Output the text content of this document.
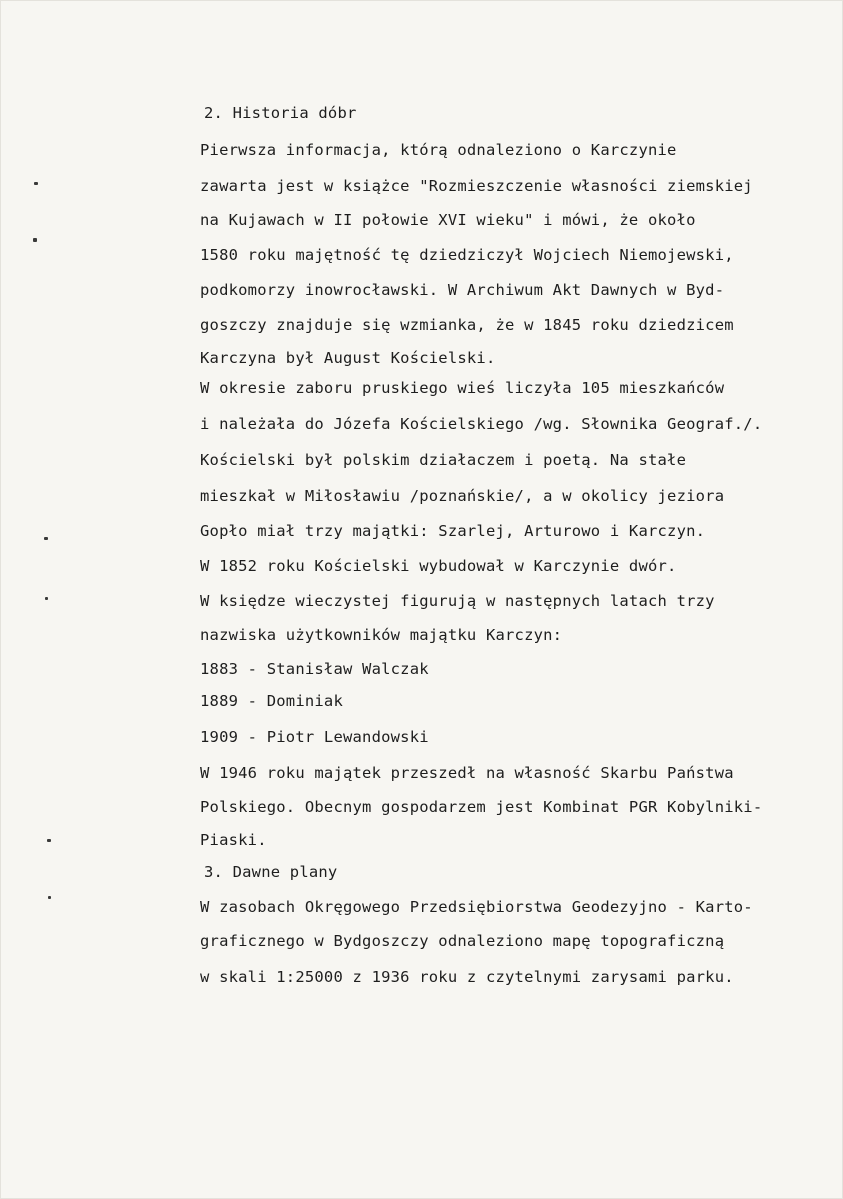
2. Historia dóbr

Pierwsza informacja, którą odnaleziono o Karczynie

zawarta jest w książce "Rozmieszczenie własności ziemskiej

na Kujawach w II połowie XVI wieku" i mówi, że około

1580 roku majętność tę dziedziczył Wojciech Niemojewski,

podkomorzy inowrocławski. W Archiwum Akt Dawnych w Byd-

goszczy znajduje się wzmianka, że w 1845 roku dziedzicem

Karczyna był August Kościelski.

W okresie zaboru pruskiego wieś liczyła 105 mieszkańców

i należała do Józefa Kościelskiego /wg. Słownika Geograf./.

Kościelski był polskim działaczem i poetą. Na stałe

mieszkał w Miłosławiu /poznańskie/, a w okolicy jeziora

Gopło miał trzy majątki: Szarlej, Arturowo i Karczyn.

W 1852 roku Kościelski wybudował w Karczynie dwór.

W księdze wieczystej figurują w następnych latach trzy

nazwiska użytkowników majątku Karczyn:

1883 - Stanisław Walczak

1889 - Dominiak

1909 - Piotr Lewandowski

W 1946 roku majątek przeszedł na własność Skarbu Państwa

Polskiego. Obecnym gospodarzem jest Kombinat PGR Kobylniki-

Piaski.

3. Dawne plany

W zasobach Okręgowego Przedsiębiorstwa Geodezyjno - Karto-

graficznego w Bydgoszczy odnaleziono mapę topograficzną

w skali 1:25000 z 1936 roku z czytelnymi zarysami parku.
